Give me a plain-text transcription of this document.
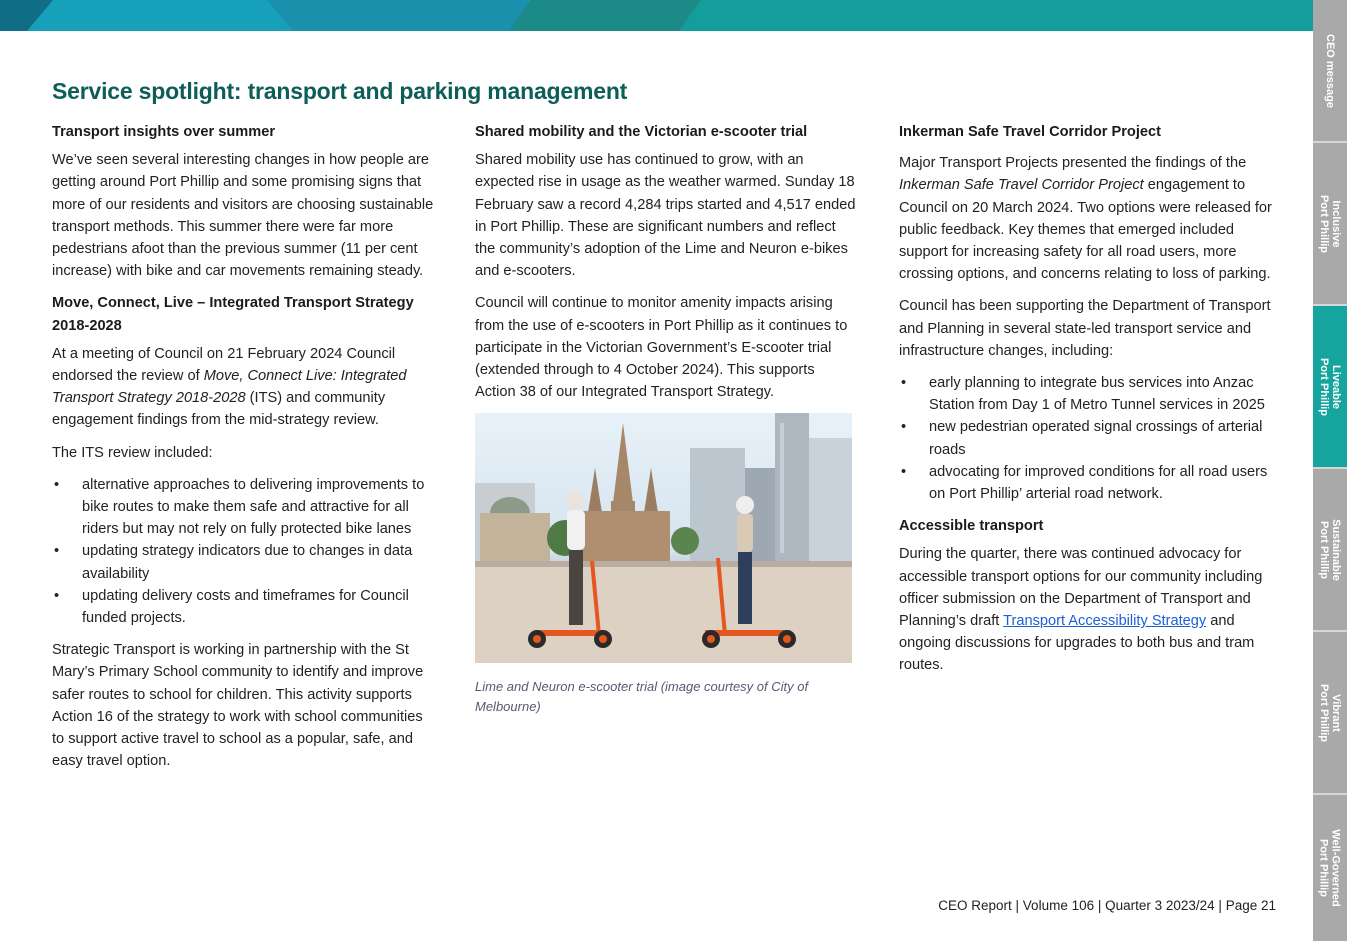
CEO message
Inclusive
Port Phillip
Liveable
Port Phillip
Sustainable
Port Phillip
Vibrant
Port Phillip
Well-Governed
Port Phillip
Service spotlight: transport and parking management
Transport insights over summer

We’ve seen several interesting changes in how people are getting around Port Phillip and some promising signs that more of our residents and visitors are choosing sustainable transport methods. This summer there were far more pedestrians afoot than the previous summer (11 per cent increase) with bike and car movements remaining steady.

Move, Connect, Live – Integrated Transport Strategy 2018-2028

At a meeting of Council on 21 February 2024 Council endorsed the review of Move, Connect Live: Integrated Transport Strategy 2018-2028 (ITS) and community engagement findings from the mid-strategy review.

The ITS review included:

• alternative approaches to delivering improvements to bike routes to make them safe and attractive for all riders but may not rely on fully protected bike lanes
• updating strategy indicators due to changes in data availability
• updating delivery costs and timeframes for Council funded projects.

Strategic Transport is working in partnership with the St Mary’s Primary School community to identify and improve safer routes to school for children. This activity supports Action 16 of the strategy to work with school communities to support active travel to school as a popular, safe, and easy travel option.

Shared mobility and the Victorian e-scooter trial

Shared mobility use has continued to grow, with an expected rise in usage as the weather warmed. Sunday 18 February saw a record 4,284 trips started and 4,517 ended in Port Phillip. These are significant numbers and reflect the community’s adoption of the Lime and Neuron e-bikes and e-scooters.

Council will continue to monitor amenity impacts arising from the use of e-scooters in Port Phillip as it continues to participate in the Victorian Government’s E-scooter trial (extended through to 4 October 2024). This supports Action 38 of our Integrated Transport Strategy.

Lime and Neuron e-scooter trial (image courtesy of City of Melbourne)
Inkerman Safe Travel Corridor Project

Major Transport Projects presented the findings of the Inkerman Safe Travel Corridor Project engagement to Council on 20 March 2024. Two options were released for public feedback. Key themes that emerged included support for increasing safety for all road users, more crossing options, and concerns relating to loss of parking.

Council has been supporting the Department of Transport and Planning in several state-led transport service and infrastructure changes, including:

• early planning to integrate bus services into Anzac Station from Day 1 of Metro Tunnel services in 2025
• new pedestrian operated signal crossings of arterial roads
• advocating for improved conditions for all road users on Port Phillip’ arterial road network.
Accessible transport

During the quarter, there was continued advocacy for accessible transport options for our community including officer submission on the Department of Transport and Planning’s draft Transport Accessibility Strategy and ongoing discussions for upgrades to both bus and tram routes.

CEO Report | Volume 106 | Quarter 3 2023/24 | Page 21
